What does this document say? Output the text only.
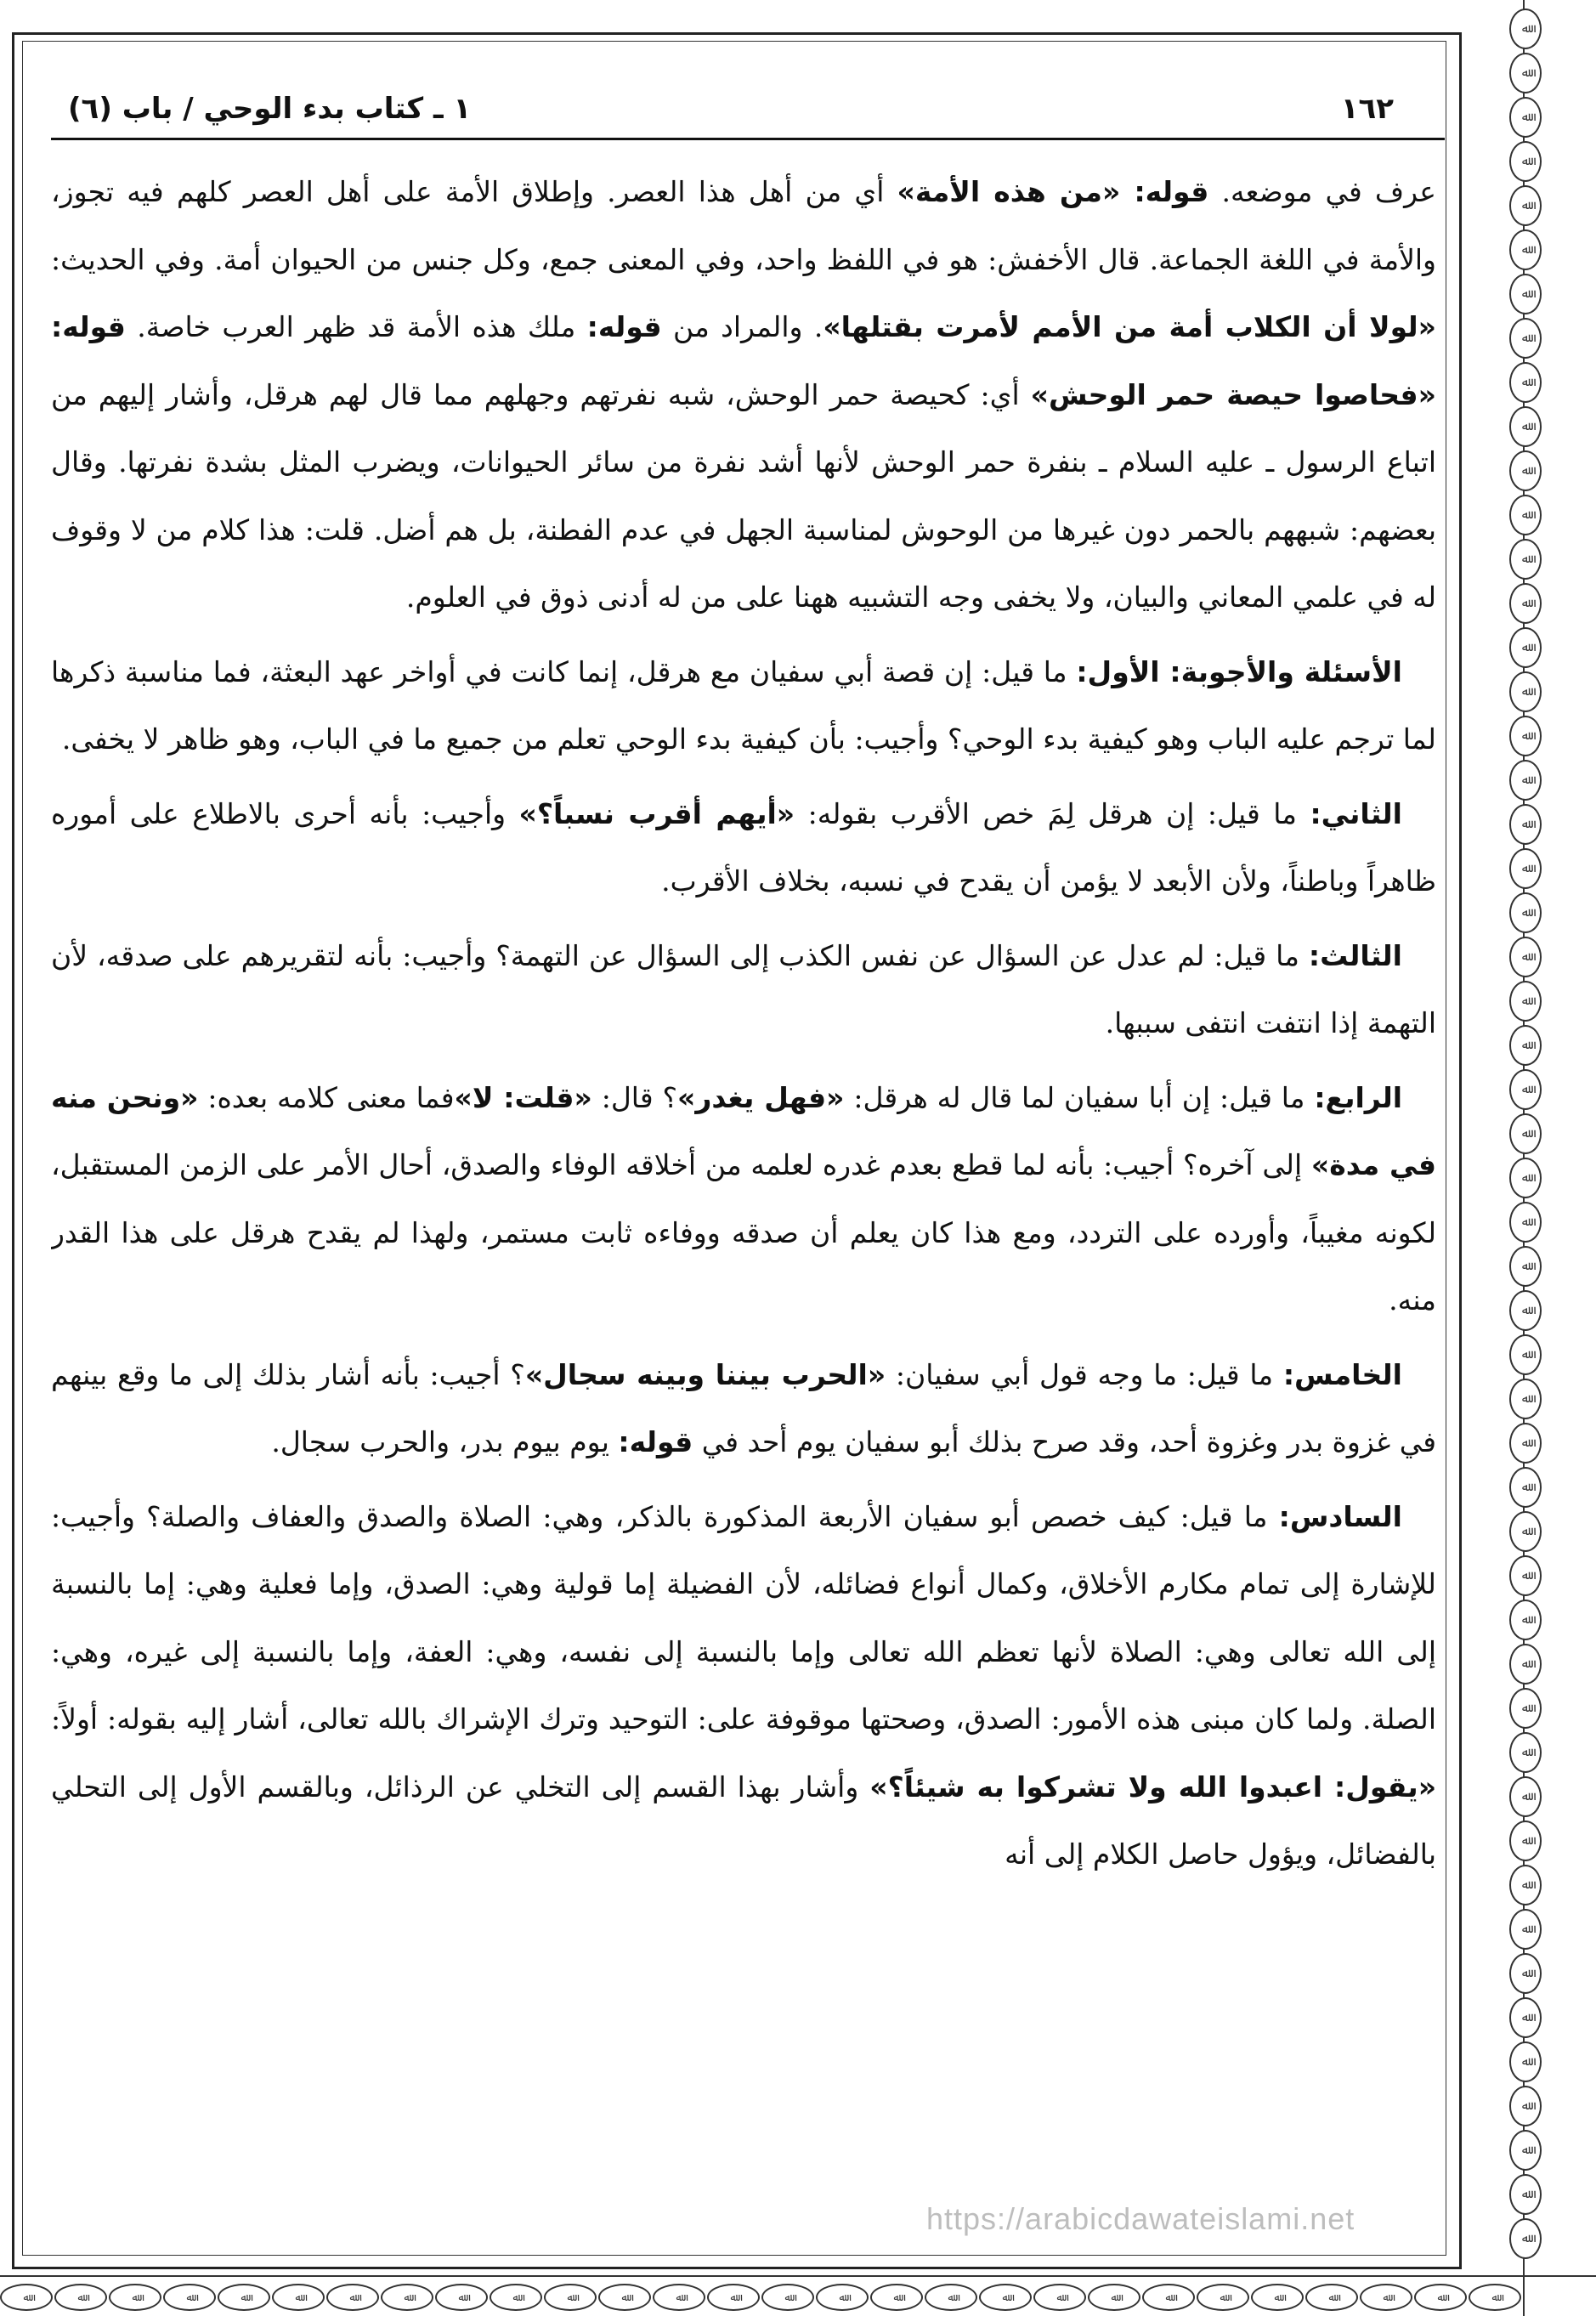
ﷲ
ﷲ
ﷲ
ﷲ
ﷲ
ﷲ
ﷲ
ﷲ
ﷲ
ﷲ
ﷲ
ﷲ
ﷲ
ﷲ
ﷲ
ﷲ
ﷲ
ﷲ
ﷲ
ﷲ
ﷲ
ﷲ
ﷲ
ﷲ
ﷲ
ﷲ
ﷲ
ﷲ
ﷲ
ﷲ
ﷲ
ﷲ
ﷲ
ﷲ
ﷲ
ﷲ
ﷲ
ﷲ
ﷲ
ﷲ
ﷲ
ﷲ
ﷲ
ﷲ
ﷲ
ﷲ
ﷲ
ﷲ
ﷲ
ﷲ
ﷲ
ﷲ	ﷲ	ﷲ	ﷲ	ﷲ	ﷲ	ﷲ	ﷲ	ﷲ	ﷲ	ﷲ	ﷲ	ﷲ	ﷲ	ﷲ	ﷲ	ﷲ	ﷲ	ﷲ	ﷲ	ﷲ	ﷲ	ﷲ	ﷲ	ﷲ	ﷲ	ﷲ	ﷲ
١٦٢
١ ـ كتاب بدء الوحي / باب (٦)

عرف في موضعه. قوله: «من هذه الأمة» أي من أهل هذا العصر. وإطلاق الأمة على أهل العصر كلهم فيه تجوز، والأمة في اللغة الجماعة. قال الأخفش: هو في اللفظ واحد، وفي المعنى جمع، وكل جنس من الحيوان أمة. وفي الحديث: «لولا أن الكلاب أمة من الأمم لأمرت بقتلها». والمراد من قوله: ملك هذه الأمة قد ظهر العرب خاصة. قوله: «فحاصوا حيصة حمر الوحش» أي: كحيصة حمر الوحش، شبه نفرتهم وجهلهم مما قال لهم هرقل، وأشار إليهم من اتباع الرسول ـ عليه السلام ـ بنفرة حمر الوحش لأنها أشد نفرة من سائر الحيوانات، ويضرب المثل بشدة نفرتها. وقال بعضهم: شبههم بالحمر دون غيرها من الوحوش لمناسبة الجهل في عدم الفطنة، بل هم أضل. قلت: هذا كلام من لا وقوف له في علمي المعاني والبيان، ولا يخفى وجه التشبيه ههنا على من له أدنى ذوق في العلوم.

الأسئلة والأجوبة: الأول: ما قيل: إن قصة أبي سفيان مع هرقل، إنما كانت في أواخر عهد البعثة، فما مناسبة ذكرها لما ترجم عليه الباب وهو كيفية بدء الوحي؟ وأجيب: بأن كيفية بدء الوحي تعلم من جميع ما في الباب، وهو ظاهر لا يخفى.

الثاني: ما قيل: إن هرقل لِمَ خص الأقرب بقوله: «أيهم أقرب نسباً؟» وأجيب: بأنه أحرى بالاطلاع على أموره ظاهراً وباطناً، ولأن الأبعد لا يؤمن أن يقدح في نسبه، بخلاف الأقرب.

الثالث: ما قيل: لم عدل عن السؤال عن نفس الكذب إلى السؤال عن التهمة؟ وأجيب: بأنه لتقريرهم على صدقه، لأن التهمة إذا انتفت انتفى سببها.

الرابع: ما قيل: إن أبا سفيان لما قال له هرقل: «فهل يغدر»؟ قال: «قلت: لا»فما معنى كلامه بعده: «ونحن منه في مدة» إلى آخره؟ أجيب: بأنه لما قطع بعدم غدره لعلمه من أخلاقه الوفاء والصدق، أحال الأمر على الزمن المستقبل، لكونه مغيباً، وأورده على التردد، ومع هذا كان يعلم أن صدقه ووفاءه ثابت مستمر، ولهذا لم يقدح هرقل على هذا القدر منه.

الخامس: ما قيل: ما وجه قول أبي سفيان: «الحرب بيننا وبينه سجال»؟ أجيب: بأنه أشار بذلك إلى ما وقع بينهم في غزوة بدر وغزوة أحد، وقد صرح بذلك أبو سفيان يوم أحد في قوله: يوم بيوم بدر، والحرب سجال.

السادس: ما قيل: كيف خصص أبو سفيان الأربعة المذكورة بالذكر، وهي: الصلاة والصدق والعفاف والصلة؟ وأجيب: للإشارة إلى تمام مكارم الأخلاق، وكمال أنواع فضائله، لأن الفضيلة إما قولية وهي: الصدق، وإما فعلية وهي: إما بالنسبة إلى الله تعالى وهي: الصلاة لأنها تعظم الله تعالى وإما بالنسبة إلى نفسه، وهي: العفة، وإما بالنسبة إلى غيره، وهي: الصلة. ولما كان مبنى هذه الأمور: الصدق، وصحتها موقوفة على: التوحيد وترك الإشراك بالله تعالى، أشار إليه بقوله: أولاً: «يقول: اعبدوا الله ولا تشركوا به شيئاً؟» وأشار بهذا القسم إلى التخلي عن الرذائل، وبالقسم الأول إلى التحلي بالفضائل، ويؤول حاصل الكلام إلى أنه

https://arabicdawateislami.net
